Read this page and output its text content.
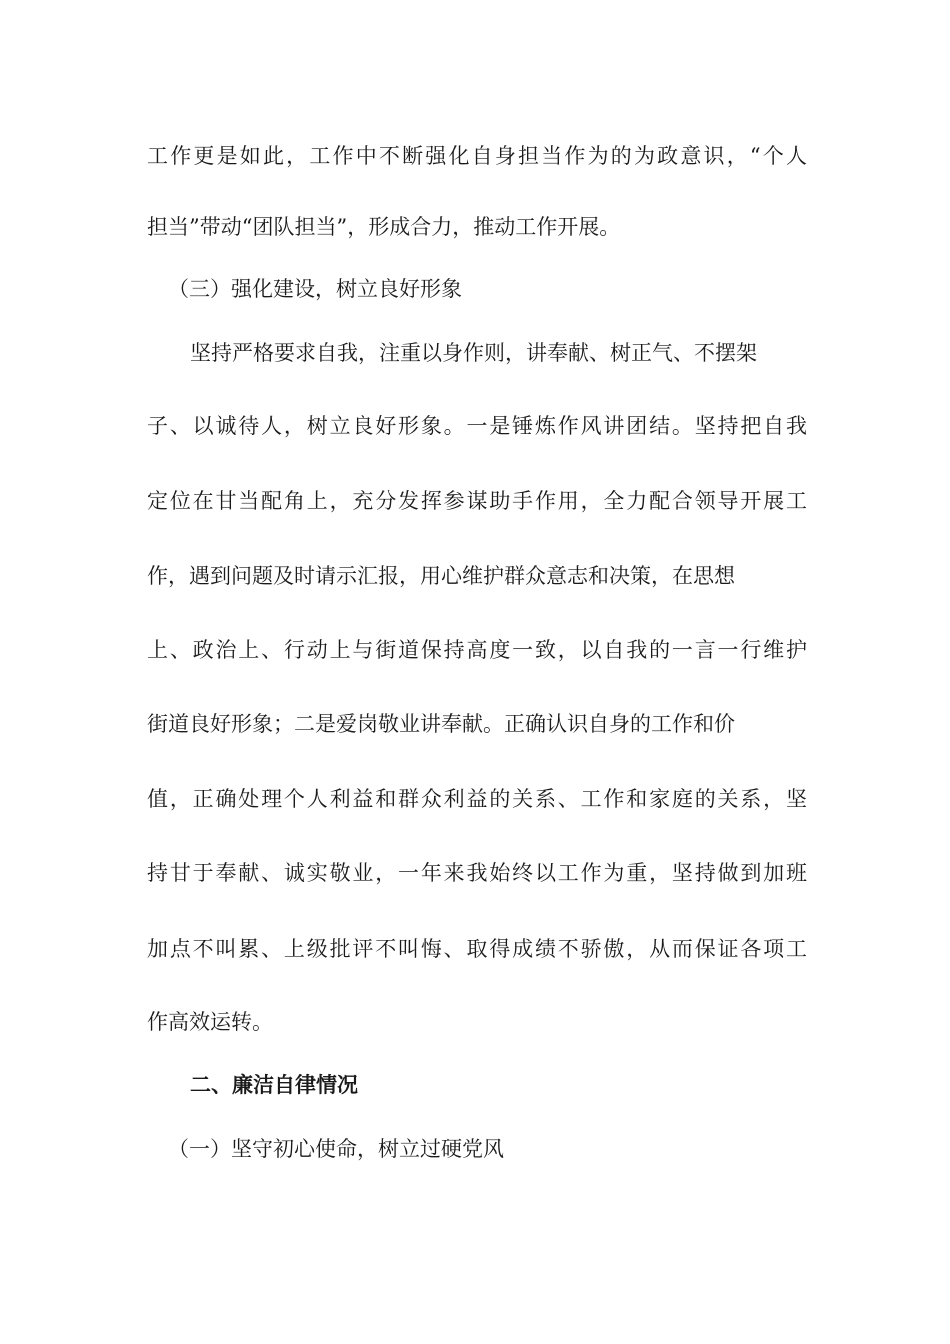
工作更是如此，工作中不断强化自身担当作为的为政意识，“个人
担当”带动“团队担当”，形成合力，推动工作开展。
（三）强化建设，树立良好形象
坚持严格要求自我，注重以身作则，讲奉献、树正气、不摆架
子、以诚待人，树立良好形象。一是锤炼作风讲团结。坚持把自我
定位在甘当配角上，充分发挥参谋助手作用，全力配合领导开展工
作，遇到问题及时请示汇报，用心维护群众意志和决策，在思想
上、政治上、行动上与街道保持高度一致，以自我的一言一行维护
街道良好形象；二是爱岗敬业讲奉献。正确认识自身的工作和价
值，正确处理个人利益和群众利益的关系、工作和家庭的关系，坚
持甘于奉献、诚实敬业，一年来我始终以工作为重，坚持做到加班
加点不叫累、上级批评不叫悔、取得成绩不骄傲，从而保证各项工
作高效运转。
二、廉洁自律情况
（一）坚守初心使命，树立过硬党风
